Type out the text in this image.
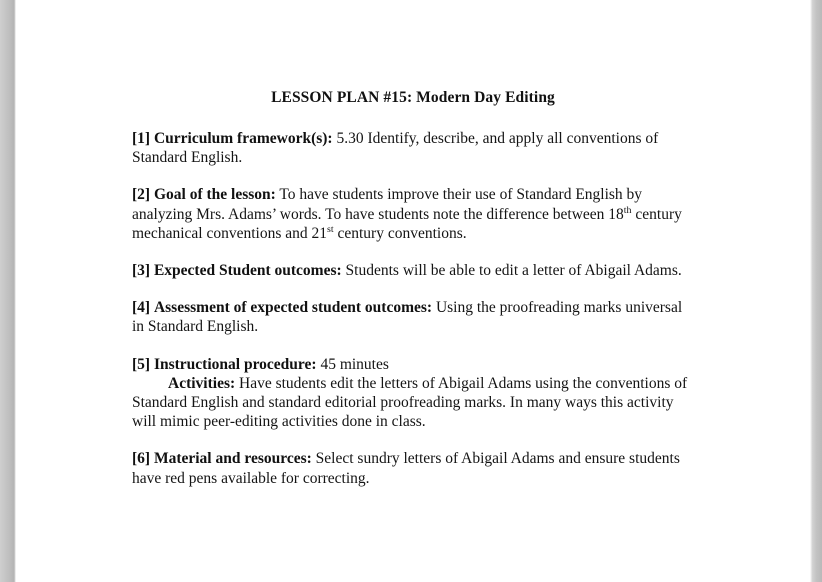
LESSON PLAN #15: Modern Day Editing

[1] Curriculum framework(s): 5.30 Identify, describe, and apply all conventions of Standard English.

[2] Goal of the lesson: To have students improve their use of Standard English by analyzing Mrs. Adams’ words. To have students note the difference between 18th century mechanical conventions and 21st century conventions.

[3] Expected Student outcomes: Students will be able to edit a letter of Abigail Adams.

[4] Assessment of expected student outcomes: Using the proofreading marks universal in Standard English.

[5] Instructional procedure: 45 minutes
Activities: Have students edit the letters of Abigail Adams using the conventions of Standard English and standard editorial proofreading marks. In many ways this activity will mimic peer-editing activities done in class.

[6] Material and resources: Select sundry letters of Abigail Adams and ensure students have red pens available for correcting.
